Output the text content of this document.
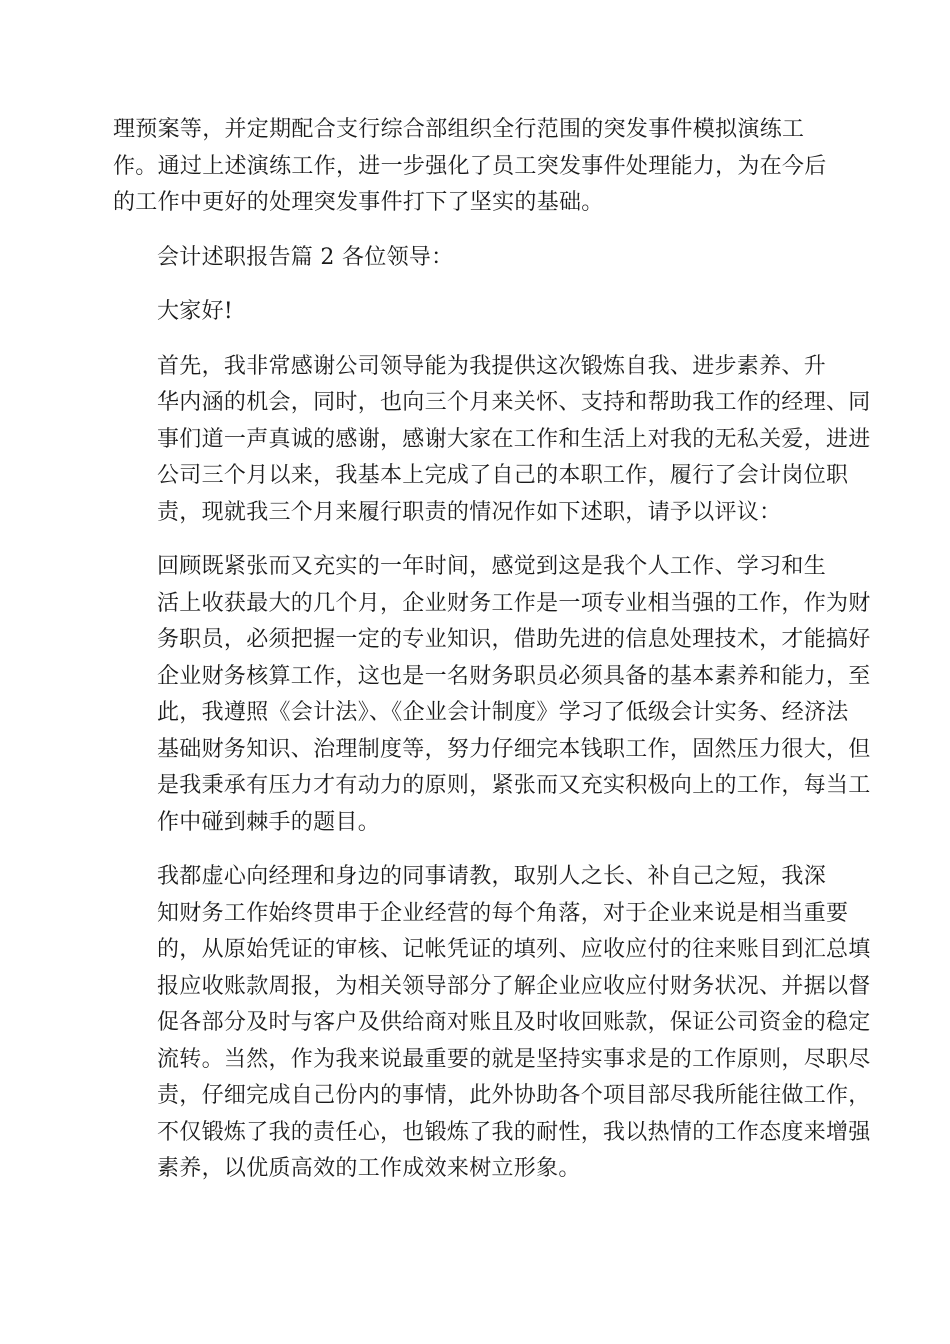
理预案等，并定期配合支行综合部组织全行范围的突发事件模拟演练工
作。通过上述演练工作，进一步强化了员工突发事件处理能力，为在今后
的工作中更好的处理突发事件打下了坚实的基础。

会计述职报告篇 2 各位领导：

大家好!

首先，我非常感谢公司领导能为我提供这次锻炼自我、进步素养、升
华内涵的机会，同时，也向三个月来关怀、支持和帮助我工作的经理、同
事们道一声真诚的感谢，感谢大家在工作和生活上对我的无私关爱，进进
公司三个月以来，我基本上完成了自己的本职工作，履行了会计岗位职
责，现就我三个月来履行职责的情况作如下述职，请予以评议：

回顾既紧张而又充实的一年时间，感觉到这是我个人工作、学习和生
活上收获最大的几个月，企业财务工作是一项专业相当强的工作，作为财
务职员，必须把握一定的专业知识，借助先进的信息处理技术，才能搞好
企业财务核算工作，这也是一名财务职员必须具备的基本素养和能力，至
此，我遵照《会计法》、《企业会计制度》学习了低级会计实务、经济法
基础财务知识、治理制度等，努力仔细完本钱职工作，固然压力很大，但
是我秉承有压力才有动力的原则，紧张而又充实积极向上的工作，每当工
作中碰到棘手的题目。

我都虚心向经理和身边的同事请教，取别人之长、补自己之短，我深
知财务工作始终贯串于企业经营的每个角落，对于企业来说是相当重要
的，从原始凭证的审核、记帐凭证的填列、应收应付的往来账目到汇总填
报应收账款周报，为相关领导部分了解企业应收应付财务状况、并据以督
促各部分及时与客户及供给商对账且及时收回账款，保证公司资金的稳定
流转。当然，作为我来说最重要的就是坚持实事求是的工作原则，尽职尽
责，仔细完成自己份内的事情，此外协助各个项目部尽我所能往做工作，
不仅锻炼了我的责任心，也锻炼了我的耐性，我以热情的工作态度来增强
素养，以优质高效的工作成效来树立形象。
